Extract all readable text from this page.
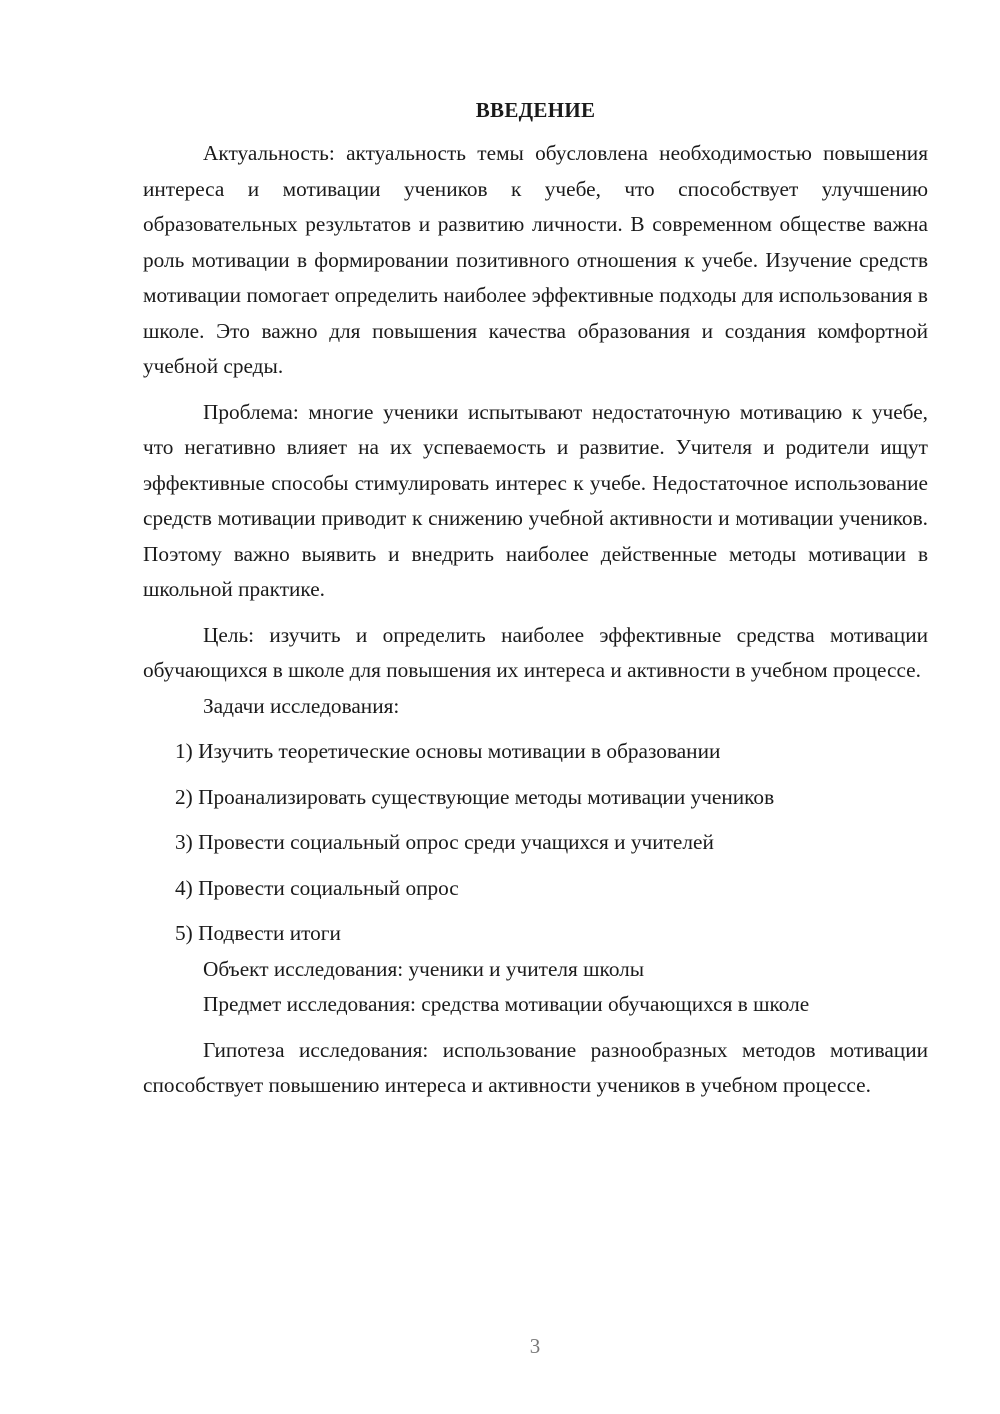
ВВЕДЕНИЕ

Актуальность: актуальность темы обусловлена необходимостью повышения интереса и мотивации учеников к учебе, что способствует улучшению образовательных результатов и развитию личности. В современном обществе важна роль мотивации в формировании позитивного отношения к учебе. Изучение средств мотивации помогает определить наиболее эффективные подходы для использования в школе. Это важно для повышения качества образования и создания комфортной учебной среды.

Проблема: многие ученики испытывают недостаточную мотивацию к учебе, что негативно влияет на их успеваемость и развитие. Учителя и родители ищут эффективные способы стимулировать интерес к учебе. Недостаточное использование средств мотивации приводит к снижению учебной активности и мотивации учеников. Поэтому важно выявить и внедрить наиболее действенные методы мотивации в школьной практике.

Цель: изучить и определить наиболее эффективные средства мотивации обучающихся в школе для повышения их интереса и активности в учебном процессе.

Задачи исследования:

1) Изучить теоретические основы мотивации в образовании

2) Проанализировать существующие методы мотивации учеников

3) Провести социальный опрос среди учащихся и учителей

4) Провести социальный опрос

5) Подвести итоги

Объект исследования: ученики и учителя школы

Предмет исследования: средства мотивации обучающихся в школе

Гипотеза исследования: использование разнообразных методов мотивации способствует повышению интереса и активности учеников в учебном процессе.

3
